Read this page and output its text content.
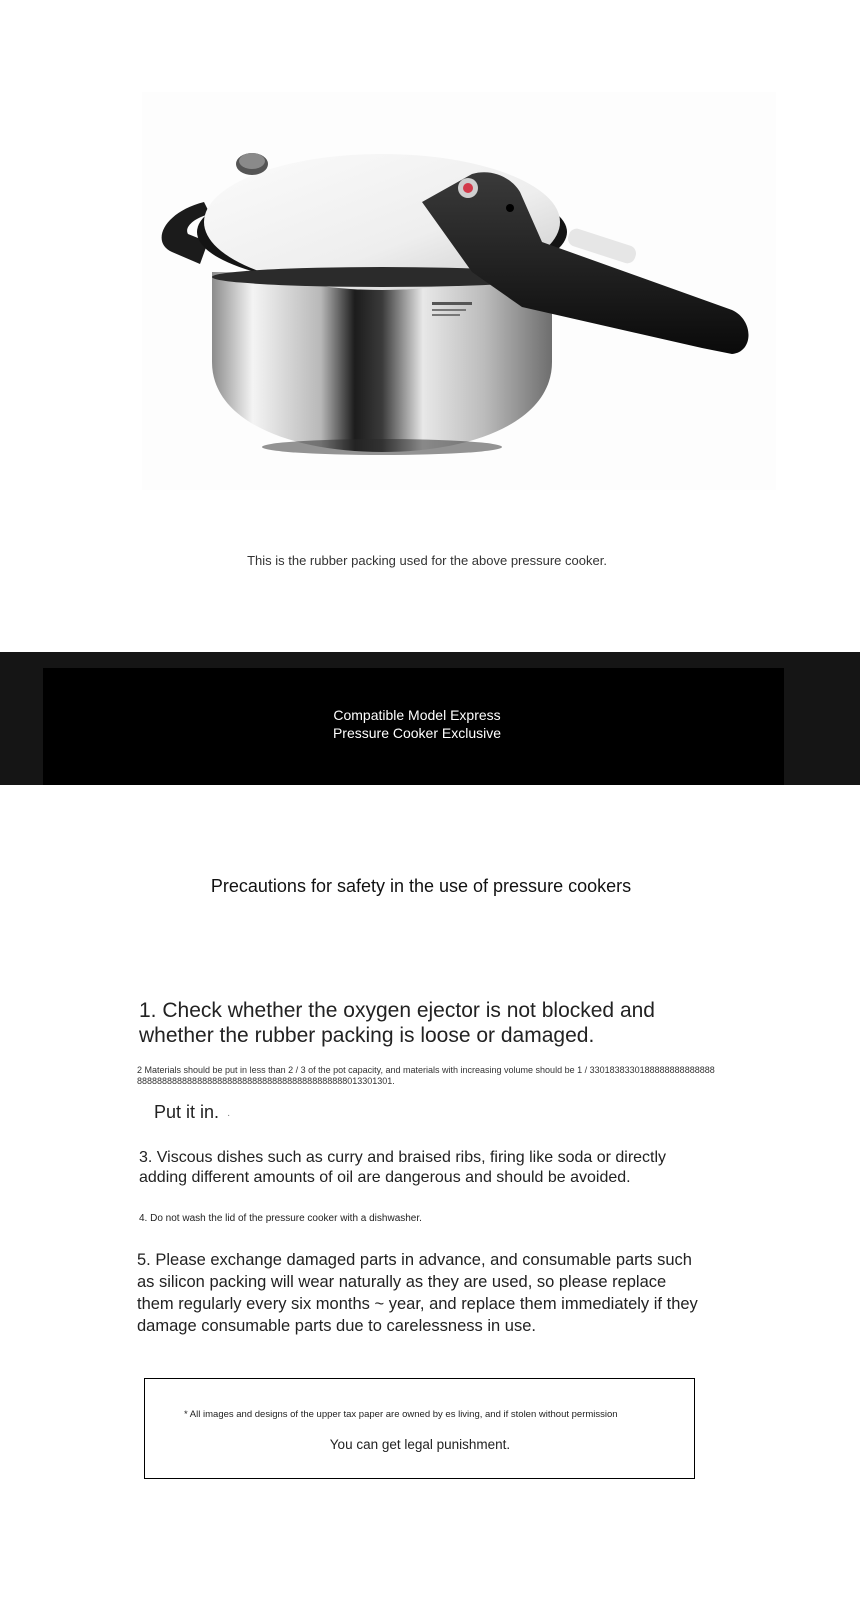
This is the rubber packing used for the above pressure cooker.
Compatible Model Express
Pressure Cooker Exclusive
Precautions for safety in the use of pressure cookers
1. Check whether the oxygen ejector is not blocked and whether the rubber packing is loose or damaged.
2 Materials should be put in less than 2 / 3 of the pot capacity, and materials with increasing volume should be 1 / 3301838330188888888888888888888888888888888888888888888888888888888013301301.
Put it in. ·
3. Viscous dishes such as curry and braised ribs, firing like soda or directly adding different amounts of oil are dangerous and should be avoided.
4. Do not wash the lid of the pressure cooker with a dishwasher.
5. Please exchange damaged parts in advance, and consumable parts such as silicon packing will wear naturally as they are used, so please replace them regularly every six months ~ year, and replace them immediately if they damage consumable parts due to carelessness in use.
* All images and designs of the upper tax paper are owned by es living, and if stolen without permission
You can get legal punishment.
